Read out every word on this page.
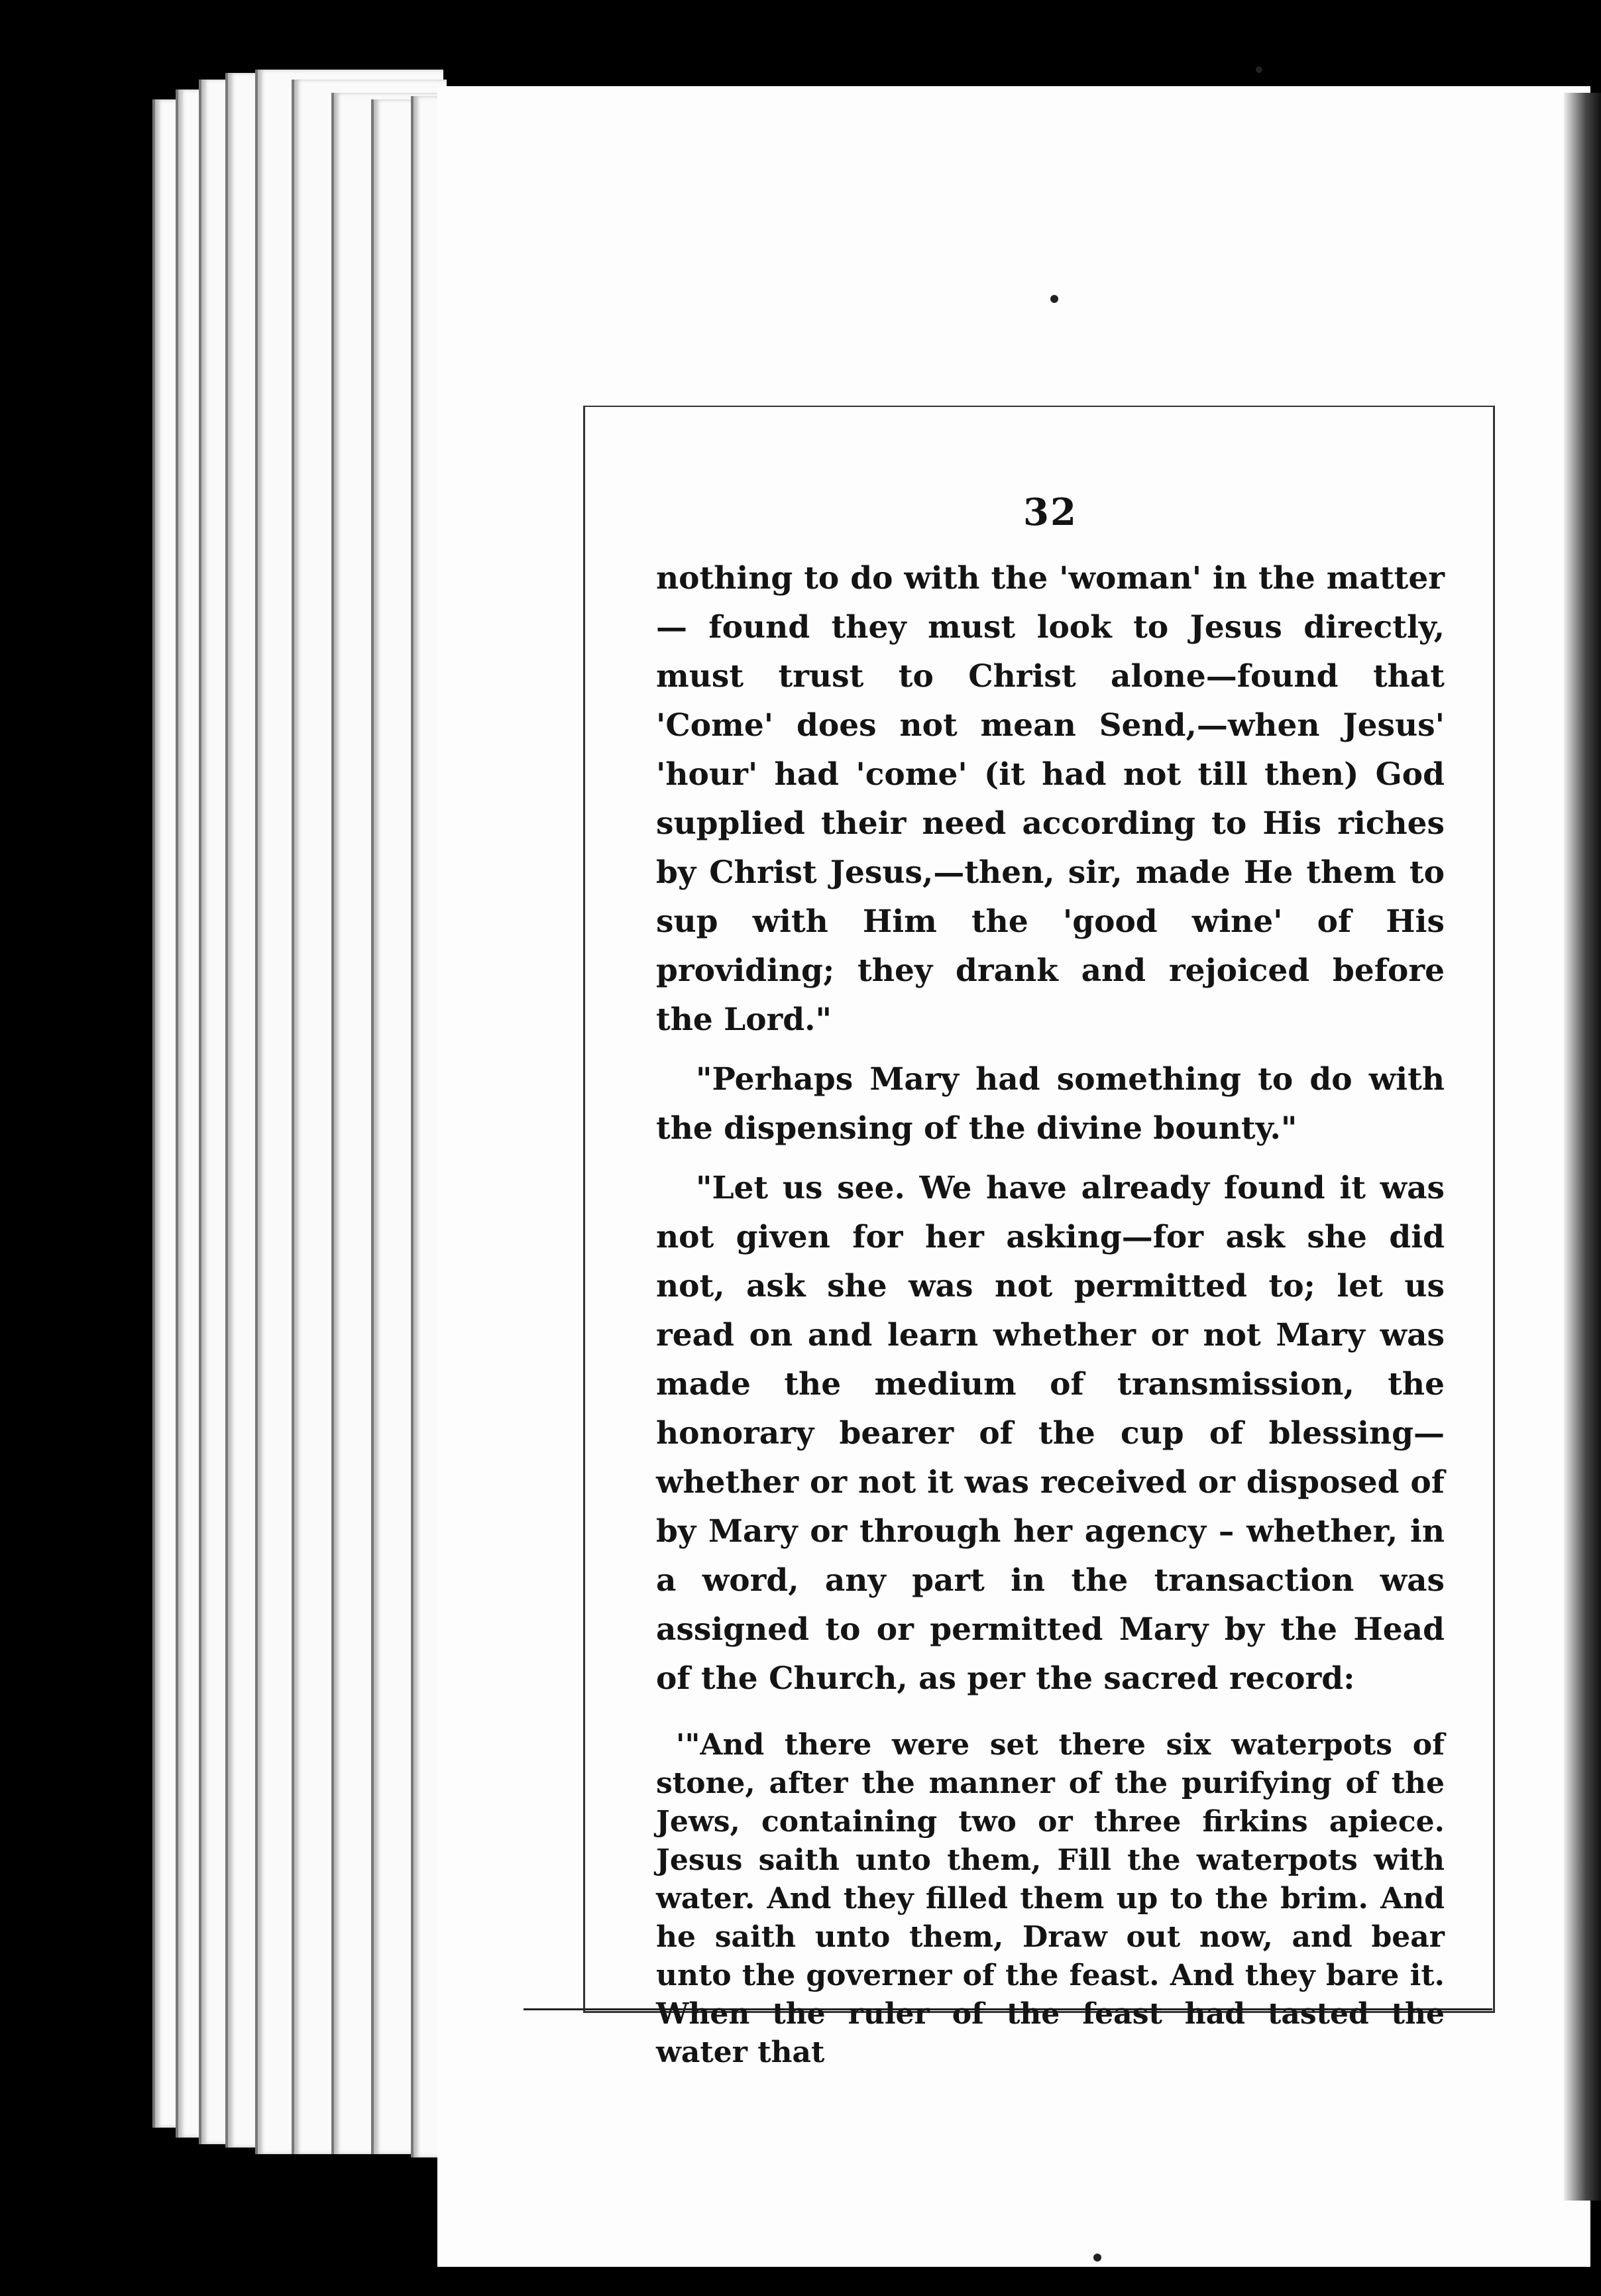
32

nothing to do with the 'woman' in the matter— found they must look to Jesus directly, must trust to Christ alone—found that 'Come' does not mean Send,—when Jesus' 'hour' had 'come' (it had not till then) God supplied their need according to His riches by Christ Jesus,—then, sir, made He them to sup with Him the 'good wine' of His providing; they drank and rejoiced before the Lord."

"Perhaps Mary had something to do with the dispensing of the divine bounty."

"Let us see. We have already found it was not given for her asking—for ask she did not, ask she was not permitted to; let us read on and learn whether or not Mary was made the medium of transmission, the honorary bearer of the cup of blessing— whether or not it was received or disposed of by Mary or through her agency – whether, in a word, any part in the transaction was assigned to or permitted Mary by the Head of the Church, as per the sacred record:

'"And there were set there six waterpots of stone, after the manner of the purifying of the Jews, containing two or three firkins apiece. Jesus saith unto them, Fill the waterpots with water. And they filled them up to the brim. And he saith unto them, Draw out now, and bear unto the governer of the feast. And they bare it. When the ruler of the feast had tasted the water that
